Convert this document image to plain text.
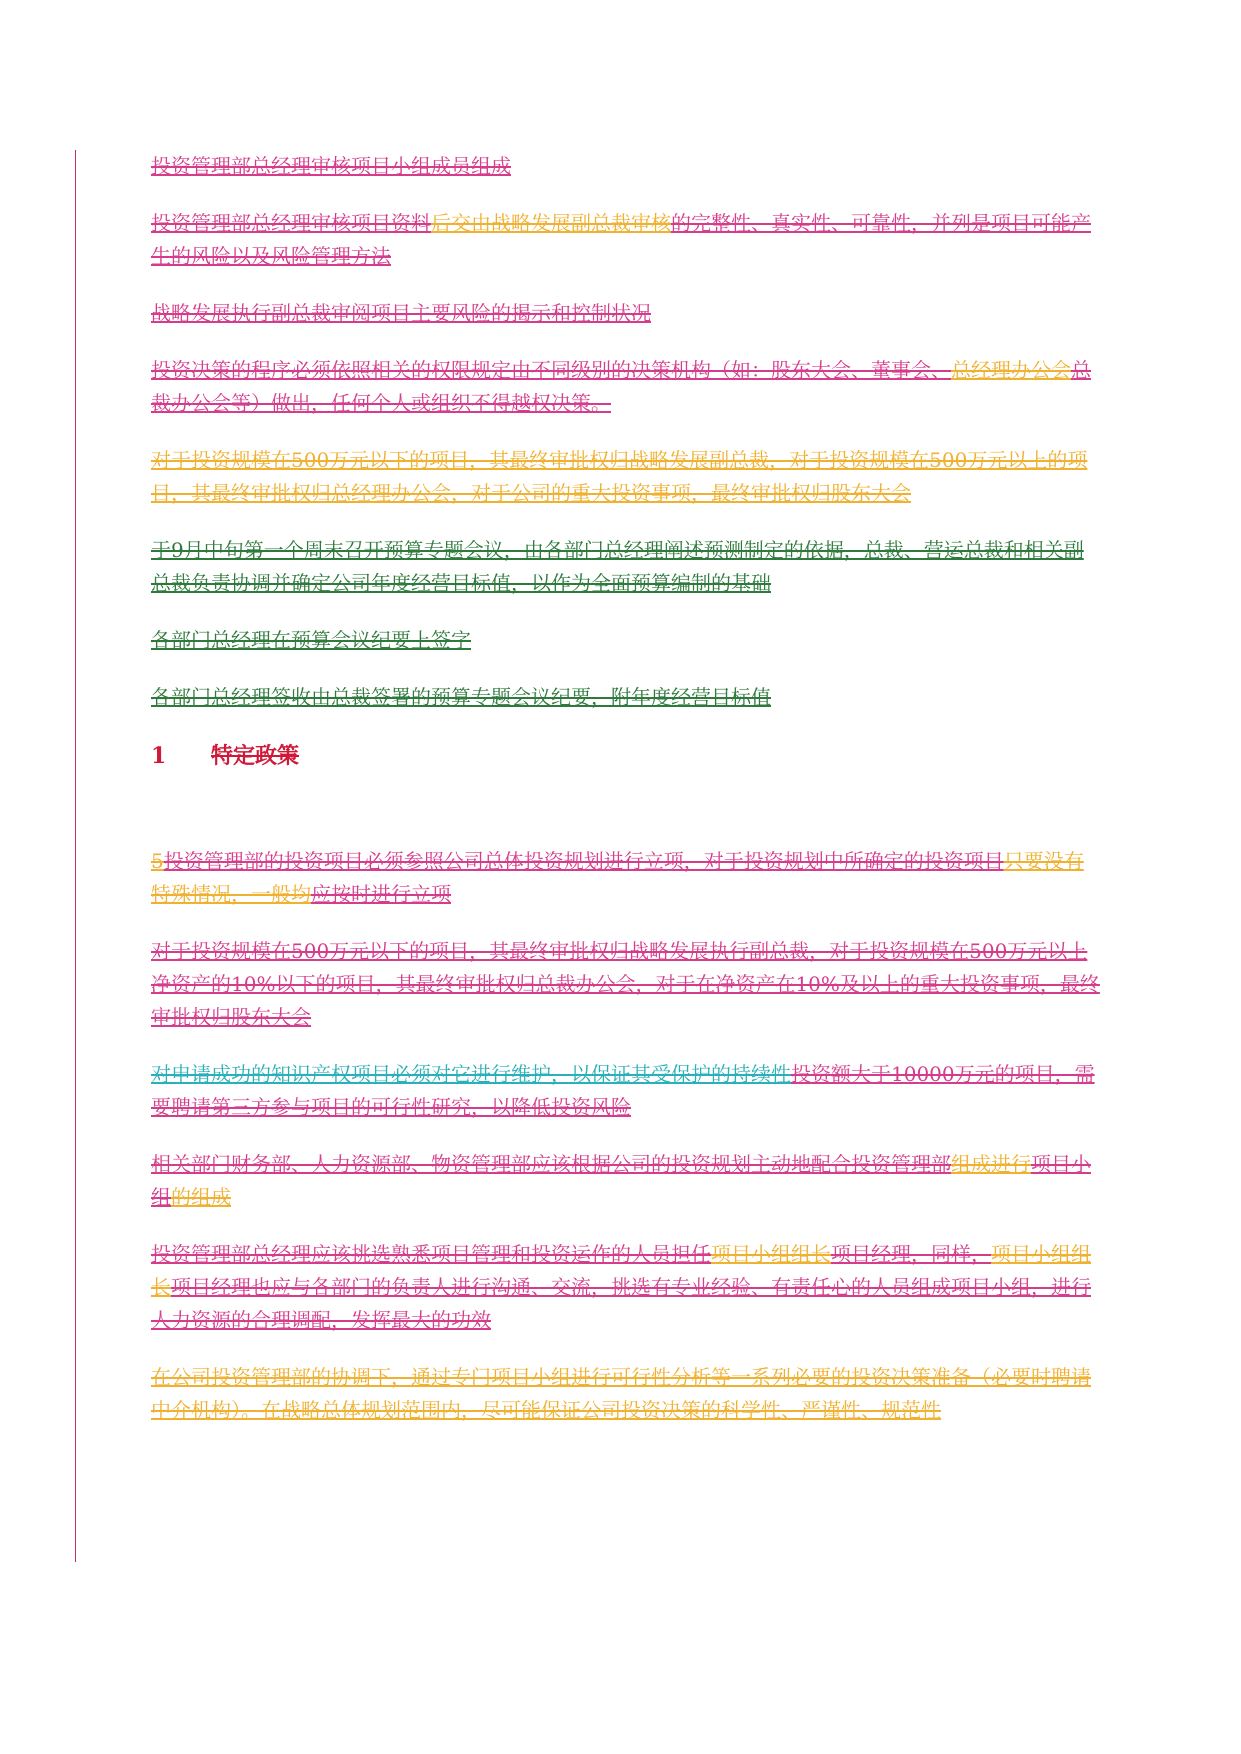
投资管理部总经理审核项目小组成员组成

投资管理部总经理审核项目资料后交由战略发展副总裁审核的完整性、真实性、可靠性，并列是项目可能产生的风险以及风险管理方法

战略发展执行副总裁审阅项目主要风险的揭示和控制状况

投资决策的程序必须依照相关的权限规定由不同级别的决策机构（如：股东大会、董事会、总经理办公会总裁办公会等）做出，任何个人或组织不得越权决策。

对于投资规模在500万元以下的项目，其最终审批权归战略发展副总裁，对于投资规模在500万元以上的项目，其最终审批权归总经理办公会，对于公司的重大投资事项，最终审批权归股东大会

于9月中旬第一个周末召开预算专题会议，由各部门总经理阐述预测制定的依据，总裁、营运总裁和相关副总裁负责协调并确定公司年度经营目标值，以作为全面预算编制的基础

各部门总经理在预算会议纪要上签字

各部门总经理签收由总裁签署的预算专题会议纪要，附年度经营目标值

1 特定政策

5投资管理部的投资项目必须参照公司总体投资规划进行立项，对于投资规划中所确定的投资项目只要没有特殊情况，一般均应按时进行立项

对于投资规模在500万元以下的项目，其最终审批权归战略发展执行副总裁，对于投资规模在500万元以上净资产的10%以下的项目，其最终审批权归总裁办公会，对于在净资产在10%及以上的重大投资事项，最终审批权归股东大会

对申请成功的知识产权项目必须对它进行维护，以保证其受保护的持续性投资额大于10000万元的项目，需要聘请第三方参与项目的可行性研究，以降低投资风险

相关部门财务部、人力资源部、物资管理部应该根据公司的投资规划主动地配合投资管理部组成进行项目小组的组成

投资管理部总经理应该挑选熟悉项目管理和投资运作的人员担任项目小组组长项目经理，同样，项目小组组长项目经理也应与各部门的负责人进行沟通、交流，挑选有专业经验、有责任心的人员组成项目小组，进行人力资源的合理调配，发挥最大的功效

在公司投资管理部的协调下，通过专门项目小组进行可行性分析等一系列必要的投资决策准备（必要时聘请中介机构）。在战略总体规划范围内，尽可能保证公司投资决策的科学性、严谨性、规范性
